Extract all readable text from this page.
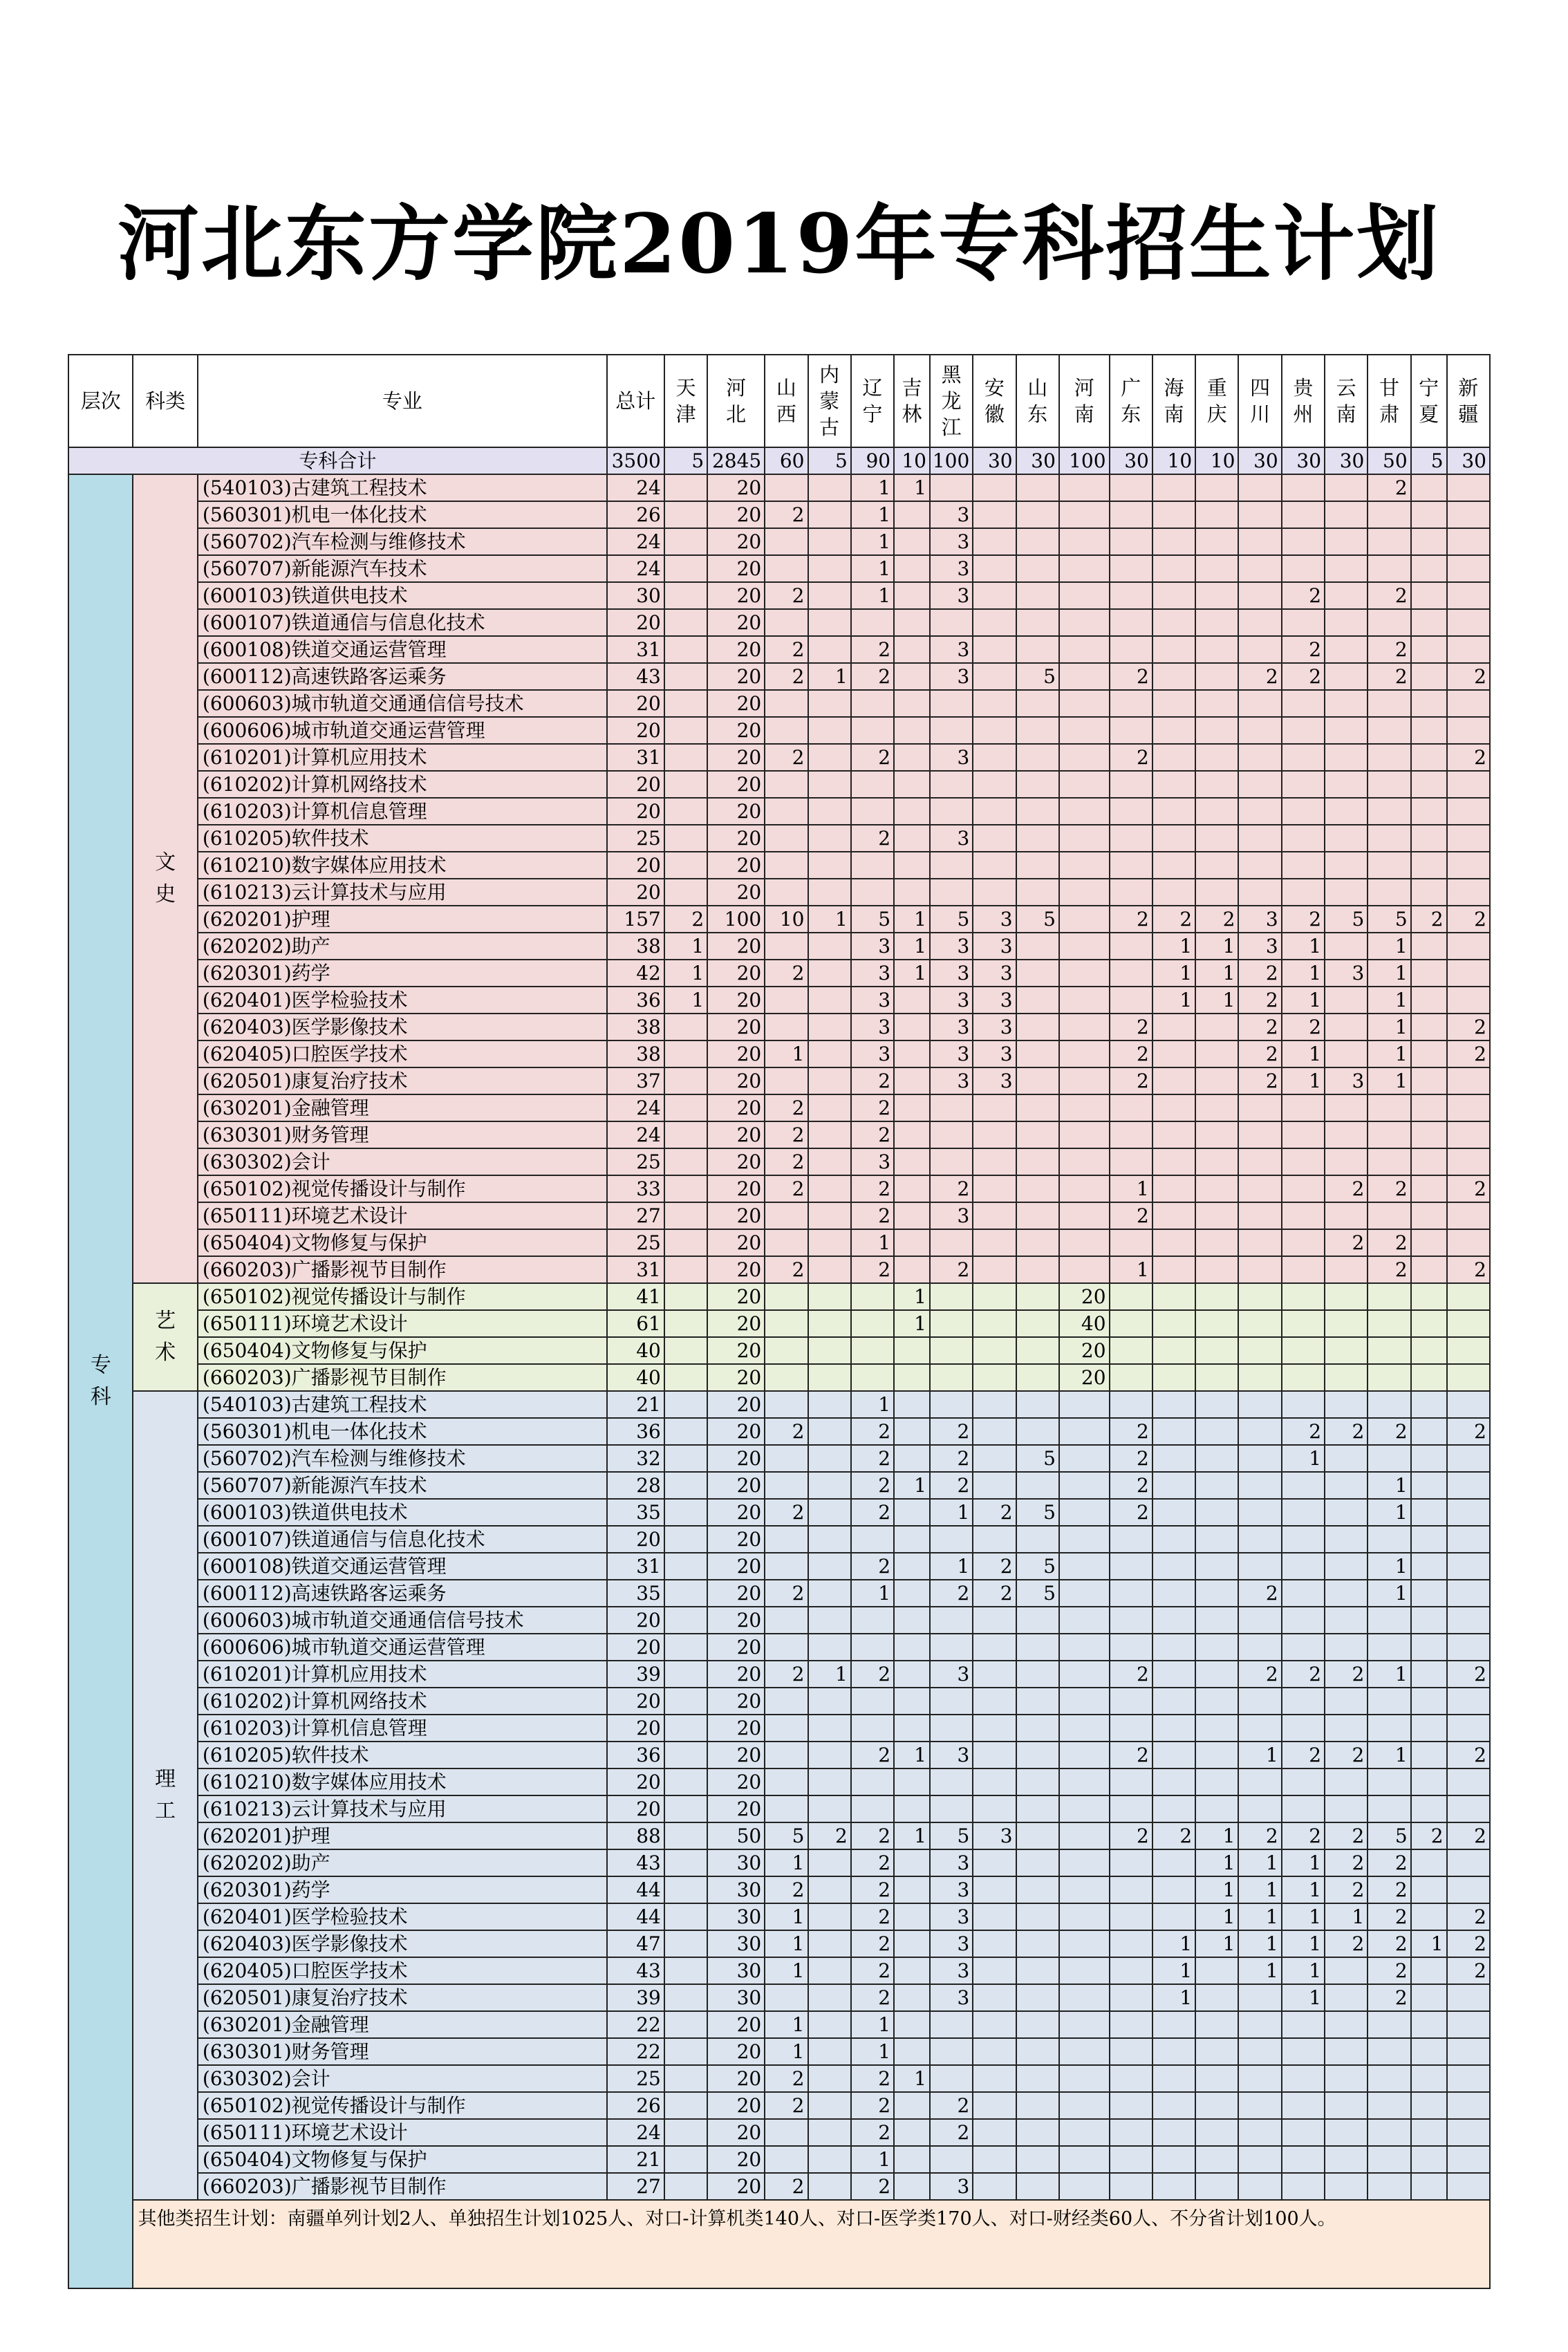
河北东方学院2019年专科招生计划
层次	科类	专业	总计	天津	河北	山西	内蒙古	辽宁	吉林	黑龙江	安徽	山东	河南	广东	海南	重庆	四川	贵州	云南	甘肃	宁夏	新疆
专科合计			3500	5	2845	60	5	90	10	100	30	30	100	30	10	10	30	30	30	50	5	30
专科	文史	(540103)古建筑工程技术	24		20			1	1											2		
		(560301)机电一体化技术	26		20	2		1		3												
		(560702)汽车检测与维修技术	24		20			1		3												
		(560707)新能源汽车技术	24		20			1		3												
		(600103)铁道供电技术	30		20	2		1		3								2		2		
		(600107)铁道通信与信息化技术	20		20																	
		(600108)铁道交通运营管理	31		20	2		2		3								2		2		
		(600112)高速铁路客运乘务	43		20	2	1	2		3		5		2			2	2		2		2
		(600603)城市轨道交通通信信号技术	20		20																	
		(600606)城市轨道交通运营管理	20		20																	
		(610201)计算机应用技术	31		20	2		2		3				2								2
		(610202)计算机网络技术	20		20																	
		(610203)计算机信息管理	20		20																	
		(610205)软件技术	25		20			2		3												
		(610210)数字媒体应用技术	20		20																	
		(610213)云计算技术与应用	20		20																	
		(620201)护理	157	2	100	10	1	5	1	5	3	5		2	2	2	3	2	5	5	2	2
		(620202)助产	38	1	20			3	1	3	3				1	1	3	1		1		
		(620301)药学	42	1	20	2		3	1	3	3				1	1	2	1	3	1		
		(620401)医学检验技术	36	1	20			3		3	3				1	1	2	1		1		
		(620403)医学影像技术	38		20			3		3	3			2			2	2		1		2
		(620405)口腔医学技术	38		20	1		3		3	3			2			2	1		1		2
		(620501)康复治疗技术	37		20			2		3	3			2			2	1	3	1		
		(630201)金融管理	24		20	2		2														
		(630301)财务管理	24		20	2		2														
		(630302)会计	25		20	2		3														
		(650102)视觉传播设计与制作	33		20	2		2		2				1					2	2		2
		(650111)环境艺术设计	27		20			2		3				2								
		(650404)文物修复与保护	25		20			1											2	2		
		(660203)广播影视节目制作	31		20	2		2		2				1						2		2
	艺术	(650102)视觉传播设计与制作	41		20				1				20									
		(650111)环境艺术设计	61		20				1				40									
		(650404)文物修复与保护	40		20								20									
		(660203)广播影视节目制作	40		20								20									
	理工	(540103)古建筑工程技术	21		20			1														
		(560301)机电一体化技术	36		20	2		2		2				2				2	2	2		2
		(560702)汽车检测与维修技术	32		20			2		2		5		2				1				
		(560707)新能源汽车技术	28		20			2	1	2				2						1		
		(600103)铁道供电技术	35		20	2		2		1	2	5		2						1		
		(600107)铁道通信与信息化技术	20		20																	
		(600108)铁道交通运营管理	31		20			2		1	2	5								1		
		(600112)高速铁路客运乘务	35		20	2		1		2	2	5					2			1		
		(600603)城市轨道交通通信信号技术	20		20																	
		(600606)城市轨道交通运营管理	20		20																	
		(610201)计算机应用技术	39		20	2	1	2		3				2			2	2	2	1		2
		(610202)计算机网络技术	20		20																	
		(610203)计算机信息管理	20		20																	
		(610205)软件技术	36		20			2	1	3				2			1	2	2	1		2
		(610210)数字媒体应用技术	20		20																	
		(610213)云计算技术与应用	20		20																	
		(620201)护理	88		50	5	2	2	1	5	3			2	2	1	2	2	2	5	2	2
		(620202)助产	43		30	1		2		3						1	1	1	2	2		
		(620301)药学	44		30	2		2		3						1	1	1	2	2		
		(620401)医学检验技术	44		30	1		2		3						1	1	1	1	2		2
		(620403)医学影像技术	47		30	1		2		3					1	1	1	1	2	2	1	2
		(620405)口腔医学技术	43		30	1		2		3					1		1	1		2		2
		(620501)康复治疗技术	39		30			2		3					1			1		2		
		(630201)金融管理	22		20	1		1														
		(630301)财务管理	22		20	1		1														
		(630302)会计	25		20	2		2	1													
		(650102)视觉传播设计与制作	26		20	2		2		2												
		(650111)环境艺术设计	24		20			2		2												
		(650404)文物修复与保护	21		20			1														
		(660203)广播影视节目制作	27		20	2		2		3												
	其他类招生计划：南疆单列计划2人、单独招生计划1025人、对口-计算机类140人、对口-医学类170人、对口-财经类60人、不分省计划100人。																					
